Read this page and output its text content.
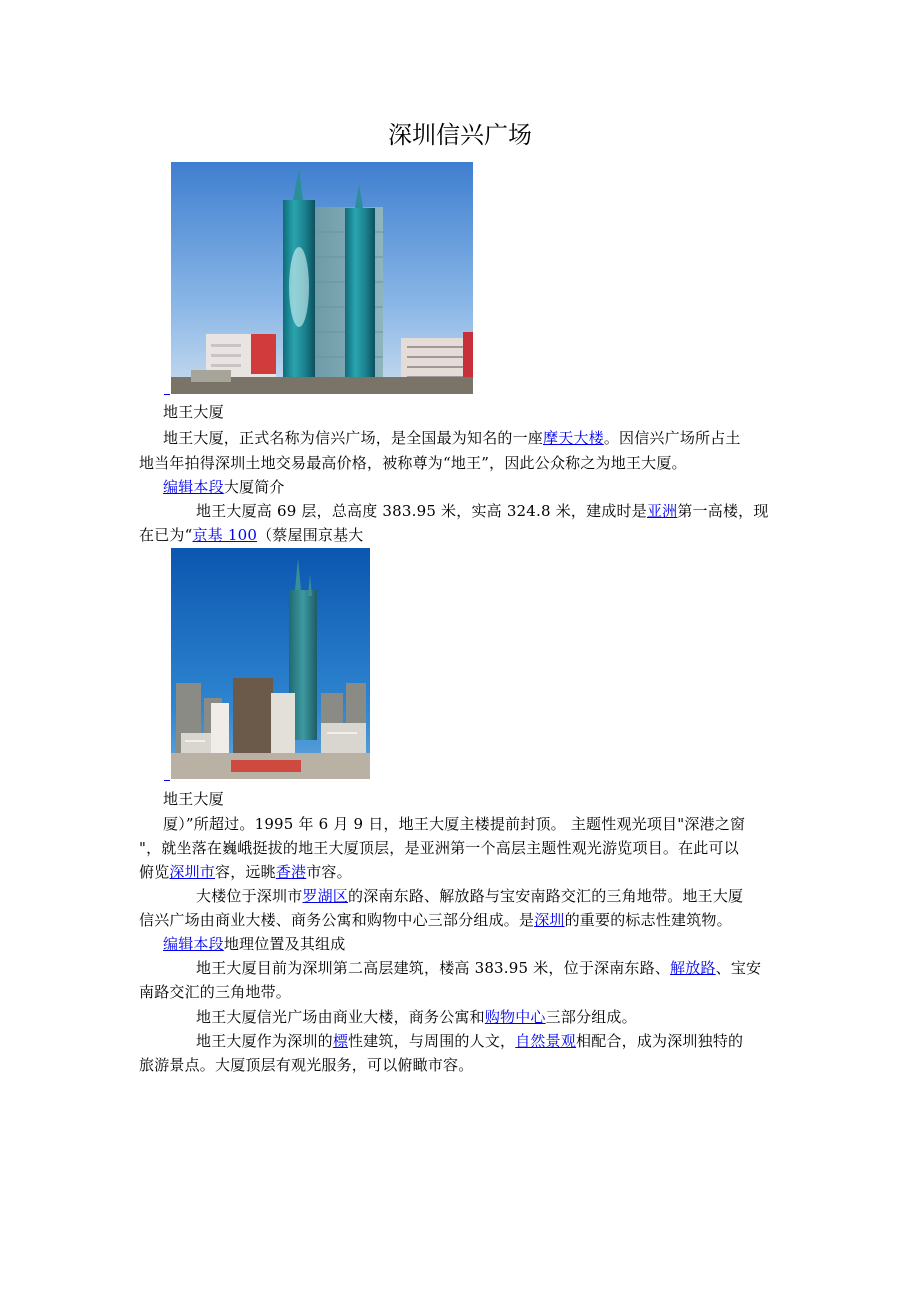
深圳信兴广场
地王大厦
地王大厦，正式名称为信兴广场，是全国最为知名的一座摩天大楼。因信兴广场所占土
地当年拍得深圳土地交易最高价格，被称尊为“地王”，因此公众称之为地王大厦。
编辑本段大厦简介
地王大厦高 69 层，总高度 383.95 米，实高 324.8 米，建成时是亚洲第一高楼，现
在已为“京基 100（蔡屋围京基大
地王大厦
厦）”所超过。1995 年 6 月 9 日，地王大厦主楼提前封顶。 主题性观光项目"深港之窗
"，就坐落在巍峨挺拔的地王大厦顶层，是亚洲第一个高层主题性观光游览项目。在此可以
俯览深圳市容，远眺香港市容。
大楼位于深圳市罗湖区的深南东路、解放路与宝安南路交汇的三角地带。地王大厦
信兴广场由商业大楼、商务公寓和购物中心三部分组成。是深圳的重要的标志性建筑物。
编辑本段地理位置及其组成
地王大厦目前为深圳第二高层建筑，楼高 383.95 米，位于深南东路、解放路、宝安
南路交汇的三角地带。
地王大厦信光广场由商业大楼，商务公寓和购物中心三部分组成。
地王大厦作为深圳的標性建筑，与周围的人文，自然景观相配合，成为深圳独特的
旅游景点。大厦顶层有观光服务，可以俯瞰市容。
